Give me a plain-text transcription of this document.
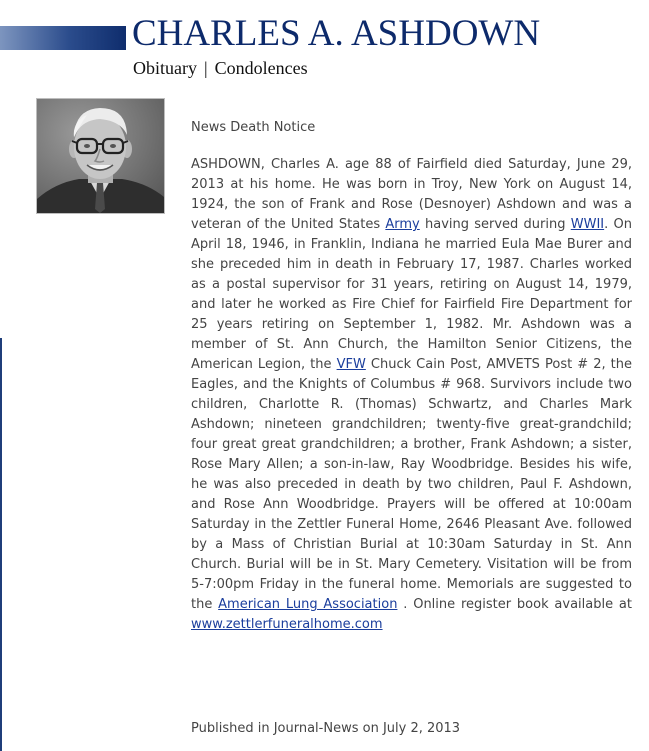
CHARLES A. ASHDOWN
Obituary | Condolences
News Death Notice

ASHDOWN, Charles A. age 88 of Fairfield died Saturday, June 29, 2013 at his home. He was born in Troy, New York on August 14, 1924, the son of Frank and Rose (Desnoyer) Ashdown and was a veteran of the United States Army having served during WWII. On April 18, 1946, in Franklin, Indiana he married Eula Mae Burer and she preceded him in death in February 17, 1987. Charles worked as a postal supervisor for 31 years, retiring on August 14, 1979, and later he worked as Fire Chief for Fairfield Fire Department for 25 years retiring on September 1, 1982. Mr. Ashdown was a member of St. Ann Church, the Hamilton Senior Citizens, the American Legion, the VFW Chuck Cain Post, AMVETS Post # 2, the Eagles, and the Knights of Columbus # 968. Survivors include two children, Charlotte R. (Thomas) Schwartz, and Charles Mark Ashdown; nineteen grandchildren; twenty-five great-grandchild; four great great grandchildren; a brother, Frank Ashdown; a sister, Rose Mary Allen; a son-in-law, Ray Woodbridge. Besides his wife, he was also preceded in death by two children, Paul F. Ashdown, and Rose Ann Woodbridge. Prayers will be offered at 10:00am Saturday in the Zettler Funeral Home, 2646 Pleasant Ave. followed by a Mass of Christian Burial at 10:30am Saturday in St. Ann Church. Burial will be in St. Mary Cemetery. Visitation will be from 5-7:00pm Friday in the funeral home. Memorials are suggested to the American Lung Association . Online register book available at www.zettlerfuneralhome.com

Published in Journal-News on July 2, 2013
